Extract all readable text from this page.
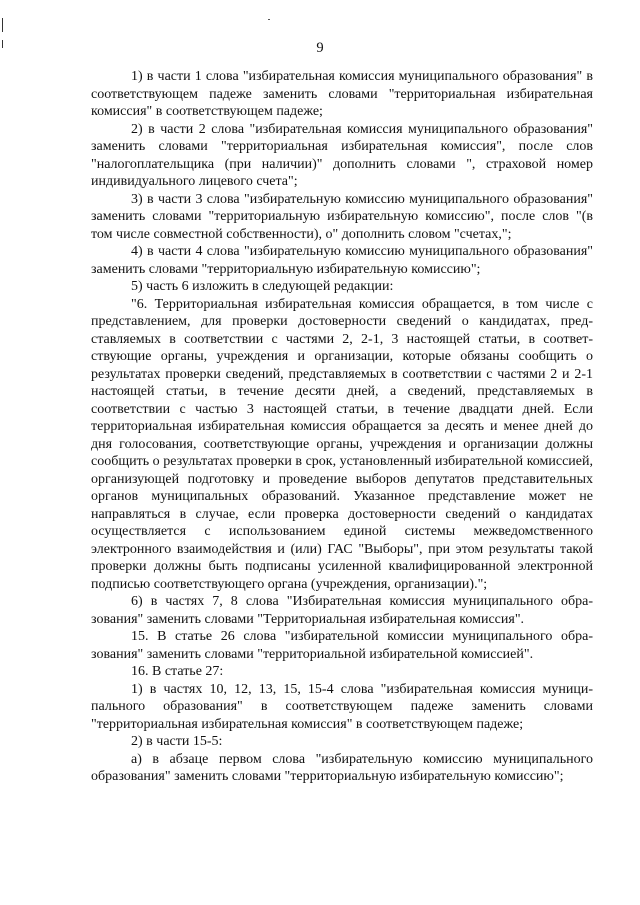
9

1) в части 1 слова "избирательная комиссия муниципального образования" в соответствующем падеже заменить словами "территориальная избирательная комиссия" в соответствующем падеже;

2) в части 2 слова "избирательная комиссия муниципального образования" заменить словами "территориальная избирательная комиссия", после слов "налогоплательщика (при наличии)" дополнить словами ", страховой номер индивидуального лицевого счета";

3) в части 3 слова "избирательную комиссию муниципального образования" заменить словами "территориальную избирательную комиссию", после слов "(в том числе совместной собственности), о" дополнить словом "счетах,";

4) в части 4 слова "избирательную комиссию муниципального образования" заменить словами "территориальную избирательную комиссию";

5) часть 6 изложить в следующей редакции:

"6. Территориальная избирательная комиссия обращается, в том числе с представлением, для проверки достоверности сведений о кандидатах, представляемых в соответствии с частями 2, 2-1, 3 настоящей статьи, в соответствующие органы, учреждения и организации, которые обязаны сообщить о результатах проверки сведений, представляемых в соответствии с частями 2 и 2-1 настоящей статьи, в течение десяти дней, а сведений, представляемых в соответствии с частью 3 настоящей статьи, в течение двадцати дней. Если территориальная избирательная комиссия обращается за десять и менее дней до дня голосования, соответствующие органы, учреждения и организации должны сообщить о результатах проверки в срок, установленный избирательной комиссией, организующей подготовку и проведение выборов депутатов представительных органов муниципальных образований. Указанное представление может не направляться в случае, если проверка достоверности сведений о кандидатах осуществляется с использованием единой системы межведомственного электронного взаимодействия и (или) ГАС "Выборы", при этом результаты такой проверки должны быть подписаны усиленной квалифицированной электронной подписью соответствующего органа (учреждения, организации).";

6) в частях 7, 8 слова "Избирательная комиссия муниципального образования" заменить словами "Территориальная избирательная комиссия".

15. В статье 26 слова "избирательной комиссии муниципального образования" заменить словами "территориальной избирательной комиссией".

16. В статье 27:

1) в частях 10, 12, 13, 15, 15-4 слова "избирательная комиссия муниципального образования" в соответствующем падеже заменить словами "территориальная избирательная комиссия" в соответствующем падеже;

2) в части 15-5:

а) в абзаце первом слова "избирательную комиссию муниципального образования" заменить словами "территориальную избирательную комиссию";
